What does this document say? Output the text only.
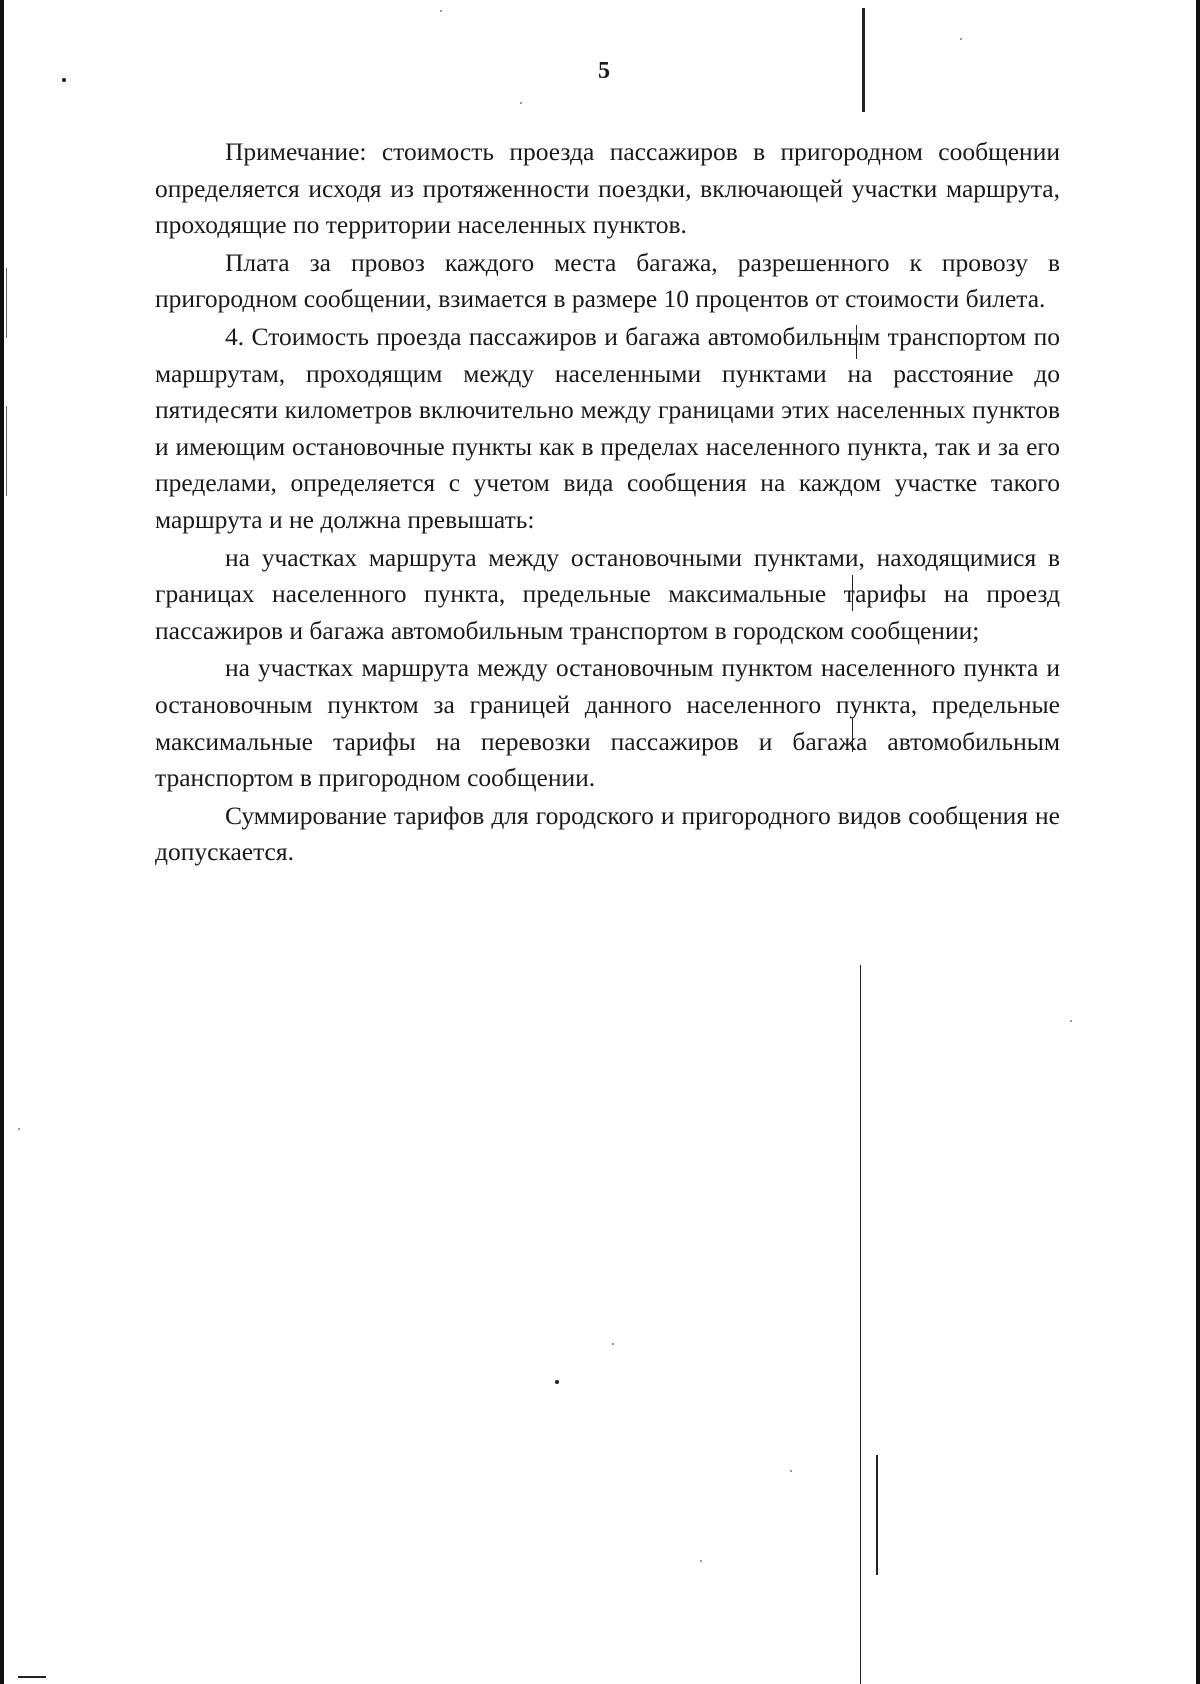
5

Примечание: стоимость проезда пассажиров в пригородном сообщении определяется исходя из протяженности поездки, включающей участки маршрута, проходящие по территории населенных пунктов.

Плата за провоз каждого места багажа, разрешенного к провозу в пригородном сообщении, взимается в размере 10 процентов от стоимости билета.

4. Стоимость проезда пассажиров и багажа автомобильным транспортом по маршрутам, проходящим между населенными пунктами на расстояние до пятидесяти километров включительно между границами этих населенных пунктов и имеющим остановочные пункты как в пределах населенного пункта, так и за его пределами, определяется с учетом вида сообщения на каждом участке такого маршрута и не должна превышать:

на участках маршрута между остановочными пунктами, находящимися в границах населенного пункта, предельные максимальные тарифы на проезд пассажиров и багажа автомобильным транспортом в городском сообщении;

на участках маршрута между остановочным пунктом населенного пункта и остановочным пунктом за границей данного населенного пункта, предельные максимальные тарифы на перевозки пассажиров и багажа автомобильным транспортом в пригородном сообщении.

Суммирование тарифов для городского и пригородного видов сообщения не допускается.
